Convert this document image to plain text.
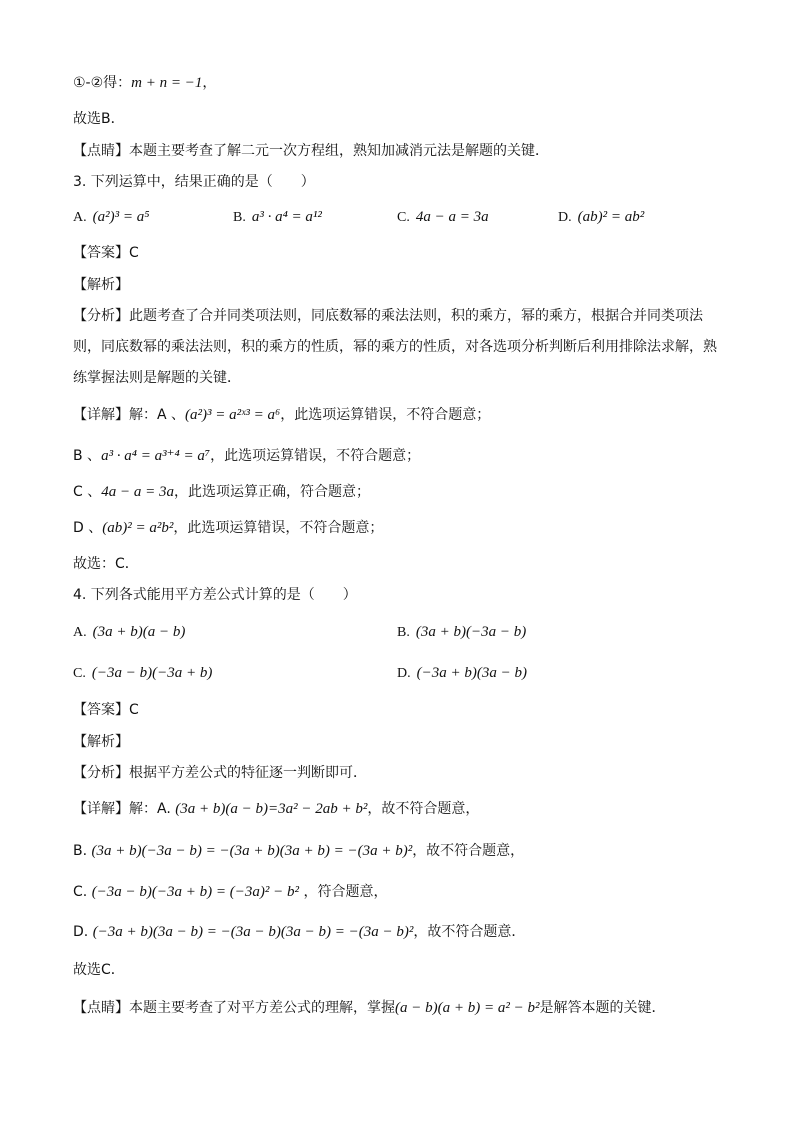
①-②得：m + n = −1，
故选B．
【点睛】本题主要考查了解二元一次方程组，熟知加减消元法是解题的关键．
3. 下列运算中，结果正确的是（　　）
A. (a²)³ = a⁵	B. a³ · a⁴ = a¹²	C. 4a − a = 3a	D. (ab)² = ab²
【答案】C
【解析】
【分析】此题考查了合并同类项法则，同底数幂的乘法法则，积的乘方，幂的乘方，根据合并同类项法
则，同底数幂的乘法法则，积的乘方的性质，幂的乘方的性质，对各选项分析判断后利用排除法求解，熟
练掌握法则是解题的关键．
【详解】解：A 、(a²)³ = a²ˣ³ = a⁶，此选项运算错误，不符合题意；
B 、a³ · a⁴ = a³⁺⁴ = a⁷，此选项运算错误，不符合题意；
C 、4a − a = 3a，此选项运算正确，符合题意；
D 、(ab)² = a²b²，此选项运算错误，不符合题意；
故选：C．
4. 下列各式能用平方差公式计算的是（　　）
A. (3a + b)(a − b)	B. (3a + b)(−3a − b)
C. (−3a − b)(−3a + b)	D. (−3a + b)(3a − b)
【答案】C
【解析】
【分析】根据平方差公式的特征逐一判断即可．
【详解】解：A. (3a + b)(a − b)=3a² − 2ab + b²，故不符合题意，
B. (3a + b)(−3a − b) = −(3a + b)(3a + b) = −(3a + b)²，故不符合题意，
C. (−3a − b)(−3a + b) = (−3a)² − b² ，符合题意，
D. (−3a + b)(3a − b) = −(3a − b)(3a − b) = −(3a − b)²，故不符合题意．
故选C．
【点睛】本题主要考查了对平方差公式的理解，掌握(a − b)(a + b) = a² − b²是解答本题的关键．
